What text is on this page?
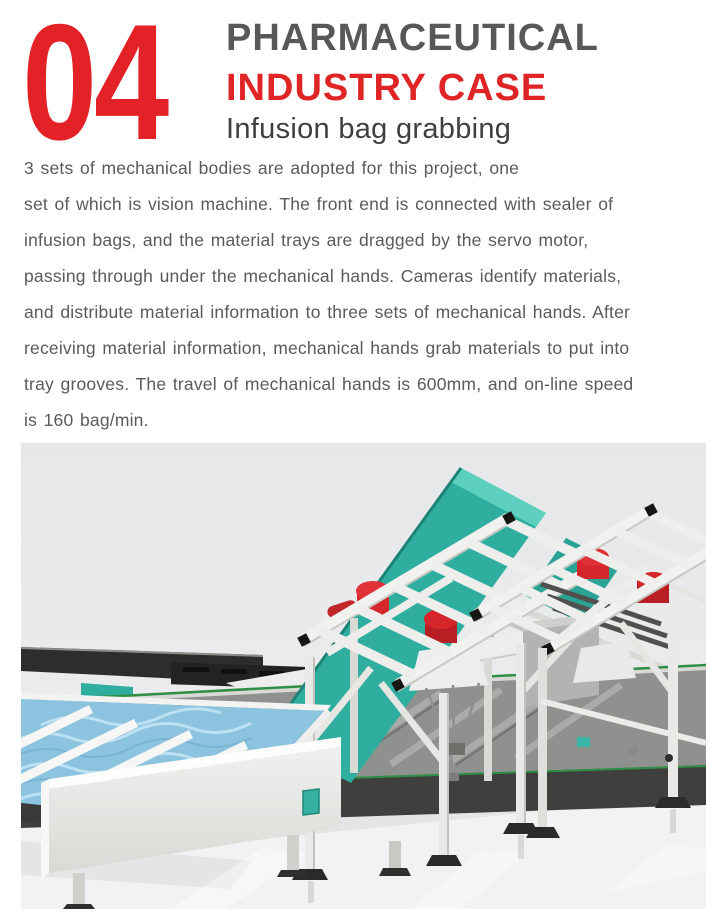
04 PHARMACEUTICAL
INDUSTRY CASE
Infusion bag grabbing
3 sets of mechanical bodies are adopted for this project, one
set of which is vision machine. The front end is connected with sealer of
infusion bags, and the material trays are dragged by the servo motor,
passing through under the mechanical hands. Cameras identify materials,
and distribute material information to three sets of mechanical hands. After
receiving material information, mechanical hands grab materials to put into
tray grooves. The travel of mechanical hands is 600mm, and on-line speed
is 160 bag/min.
